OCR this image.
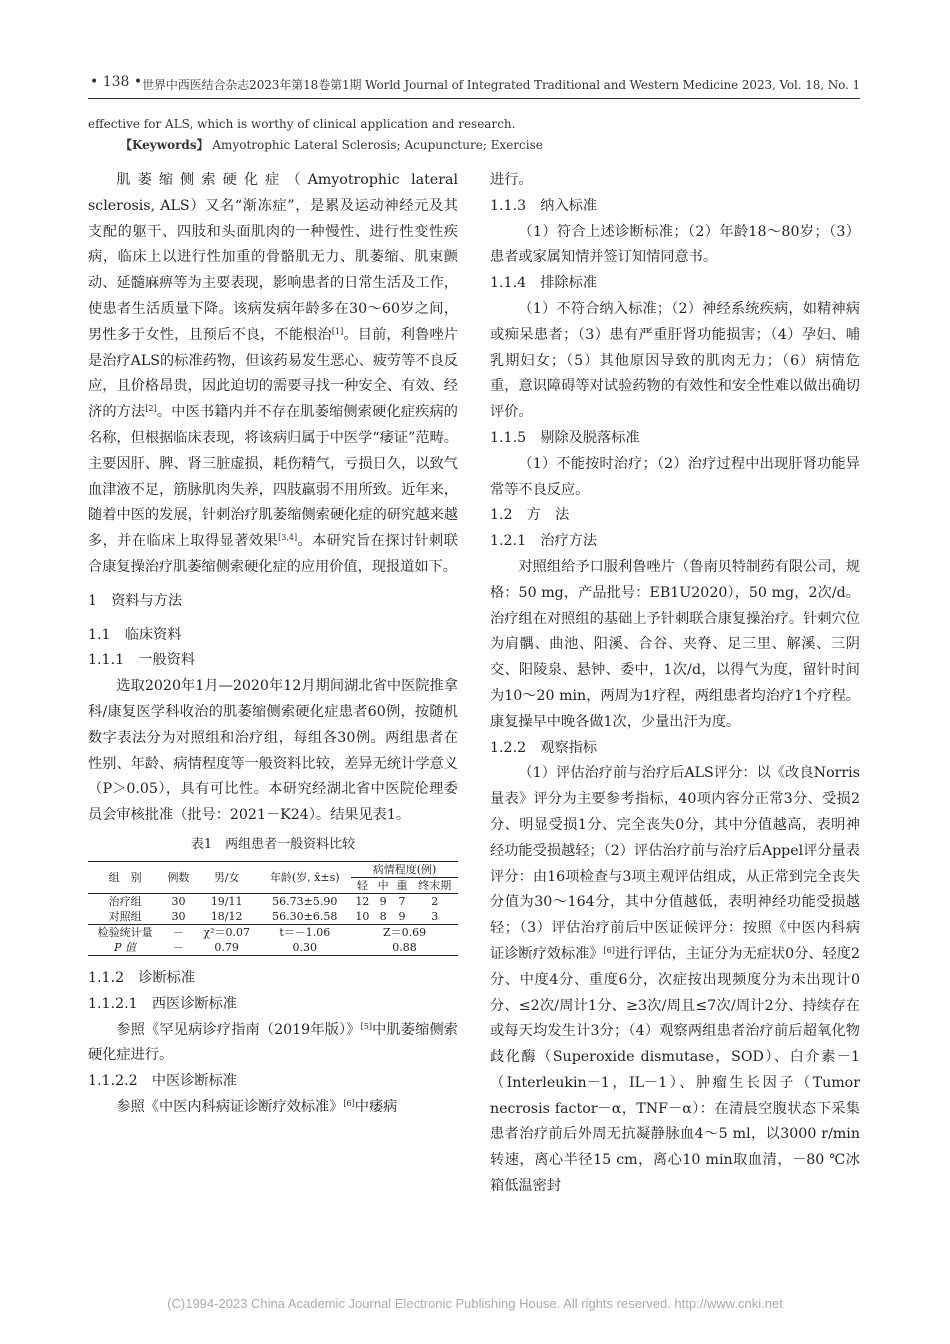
• 138 • 世界中西医结合杂志2023年第18卷第1期 World Journal of Integrated Traditional and Western Medicine 2023, Vol. 18, No. 1
effective for ALS, which is worthy of clinical application and research.
【Keywords】 Amyotrophic Lateral Sclerosis; Acupuncture; Exercise

肌萎缩侧索硬化症（Amyotrophic lateral sclerosis, ALS）又名“渐冻症”，是累及运动神经元及其支配的躯干、四肢和头面肌肉的一种慢性、进行性变性疾病，临床上以进行性加重的骨骼肌无力、肌萎缩、肌束颤动、延髓麻痹等为主要表现，影响患者的日常生活及工作，使患者生活质量下降。该病发病年龄多在30～60岁之间，男性多于女性，且预后不良，不能根治[1]。目前，利鲁唑片是治疗ALS的标准药物，但该药易发生恶心、疲劳等不良反应，且价格昂贵，因此迫切的需要寻找一种安全、有效、经济的方法[2]。中医书籍内并不存在肌萎缩侧索硬化症疾病的名称，但根据临床表现，将该病归属于中医学“痿证”范畴。主要因肝、脾、肾三脏虚损，耗伤精气，亏损日久，以致气血津液不足，筋脉肌肉失养，四肢羸弱不用所致。近年来，随着中医的发展，针刺治疗肌萎缩侧索硬化症的研究越来越多，并在临床上取得显著效果[3,4]。本研究旨在探讨针刺联合康复操治疗肌萎缩侧索硬化症的应用价值，现报道如下。

1　资料与方法

1.1　临床资料

1.1.1　一般资料

选取2020年1月—2020年12月期间湖北省中医院推拿科/康复医学科收治的肌萎缩侧索硬化症患者60例，按随机数字表法分为对照组和治疗组，每组各30例。两组患者在性别、年龄、病情程度等一般资料比较，差异无统计学意义（P＞0.05），具有可比性。本研究经湖北省中医院伦理委员会审核批准（批号：2021－K24）。结果见表1。

表1　两组患者一般资料比较
组　别	例数	男/女	年龄(岁, x̄±s)	病情程度(例)			
				轻	中	重	终末期
治疗组	30	19/11	56.73±5.90	12	9	7	2
对照组	30	18/12	56.30±6.58	10	8	9	3
检验统计量	－	χ²＝0.07	t＝－1.06	Z＝0.69			
P 值	－	0.79	0.30	0.88			

1.1.2　诊断标准

1.1.2.1　西医诊断标准

参照《罕见病诊疗指南（2019年版）》[5]中肌萎缩侧索硬化症进行。

1.1.2.2　中医诊断标准

参照《中医内科病证诊断疗效标准》[6]中痿病

进行。

1.1.3　纳入标准

（1）符合上述诊断标准；（2）年龄18～80岁；（3）患者或家属知情并签订知情同意书。

1.1.4　排除标准

（1）不符合纳入标准；（2）神经系统疾病，如精神病或痴呆患者；（3）患有严重肝肾功能损害；（4）孕妇、哺乳期妇女；（5）其他原因导致的肌肉无力；（6）病情危重，意识障碍等对试验药物的有效性和安全性难以做出确切评价。

1.1.5　剔除及脱落标准

（1）不能按时治疗；（2）治疗过程中出现肝肾功能异常等不良反应。

1.2　方　法

1.2.1　治疗方法

对照组给予口服利鲁唑片（鲁南贝特制药有限公司，规格：50 mg，产品批号：EB1U2020），50 mg，2次/d。治疗组在对照组的基础上予针刺联合康复操治疗。针刺穴位为肩髃、曲池、阳溪、合谷、夹脊、足三里、解溪、三阴交、阳陵泉、悬钟、委中，1次/d，以得气为度，留针时间为10～20 min，两周为1疗程，两组患者均治疗1个疗程。康复操早中晚各做1次，少量出汗为度。

1.2.2　观察指标

（1）评估治疗前与治疗后ALS评分：以《改良Norris量表》评分为主要参考指标，40项内容分正常3分、受损2分、明显受损1分、完全丧失0分，其中分值越高，表明神经功能受损越轻；（2）评估治疗前与治疗后Appel评分量表评分：由16项检查与3项主观评估组成，从正常到完全丧失分值为30～164分，其中分值越低，表明神经功能受损越轻；（3）评估治疗前后中医证候评分：按照《中医内科病证诊断疗效标准》[6]进行评估，主证分为无症状0分、轻度2分、中度4分、重度6分，次症按出现频度分为未出现计0分、≤2次/周计1分、≥3次/周且≤7次/周计2分、持续存在或每天均发生计3分；（4）观察两组患者治疗前后超氧化物歧化酶（Superoxide dismutase，SOD）、白介素－1（Interleukin－1，IL－1）、肿瘤生长因子（Tumor necrosis factor－α，TNF－α）：在清晨空腹状态下采集患者治疗前后外周无抗凝静脉血4～5 ml，以3000 r/min转速，离心半径15 cm，离心10 min取血清，－80 ℃冰箱低温密封

(C)1994-2023 China Academic Journal Electronic Publishing House. All rights reserved. http://www.cnki.net
